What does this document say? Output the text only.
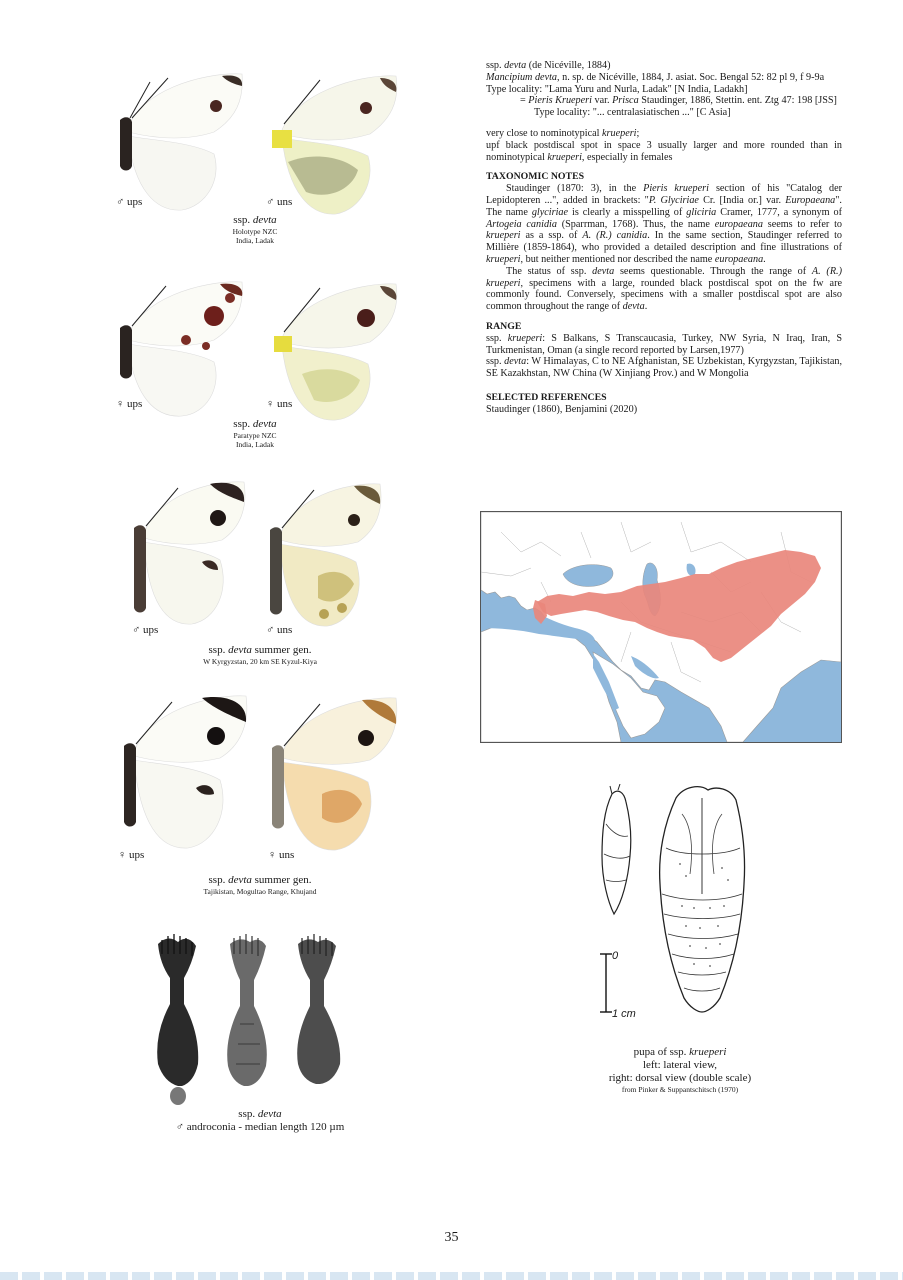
♂ ups	♂ uns
ssp. devta
Holotype NZC
India, Ladak
♀ ups	♀ uns
ssp. devta
Paratype NZC
India, Ladak
♂ ups	♂ uns
ssp. devta summer gen.
W Kyrgyzstan, 20 km SE Kyzul-Kiya
♀ ups	♀ uns
ssp. devta summer gen.
Tajikistan, Mogultao Range, Khujand
ssp. devta
♂ androconia - median length 120 µm

ssp. devta (de Nicéville, 1884)

Mancipium devta, n. sp. de Nicéville, 1884, J. asiat. Soc. Bengal 52: 82 pl 9, f 9-9a

Type locality: "Lama Yuru and Nurla, Ladak" [N India, Ladakh]

= Pieris Krueperi var. Prisca Staudinger, 1886, Stettin. ent. Ztg 47: 198 [JSS]

Type locality: "... centralasiatischen ..." [C Asia]

very close to nominotypical krueperi;

upf black postdiscal spot in space 3 usually larger and more rounded than in nominotypical krueperi, especially in females

TAXONOMIC NOTES

Staudinger (1870: 3), in the Pieris krueperi section of his "Catalog der Lepidopteren ...", added in brackets: "P. Glyciriae Cr. [India or.] var. Europaeana". The name glyciriae is clearly a misspelling of gliciria Cramer, 1777, a synonym of Artogeia canidia (Sparrman, 1768). Thus, the name europaeana seems to refer to krueperi as a ssp. of A. (R.) canidia. In the same section, Staudinger referred to Millière (1859-1864), who provided a detailed description and fine illustrations of krueperi, but neither mentioned nor described the name europaeana.

The status of ssp. devta seems questionable. Through the range of A. (R.) krueperi, specimens with a large, rounded black postdiscal spot on the fw are commonly found. Conversely, specimens with a smaller postdiscal spot are also common throughout the range of devta.

RANGE

ssp. krueperi: S Balkans, S Transcaucasia, Turkey, NW Syria, N Iraq, Iran, S Turkmenistan, Oman (a single record reported by Larsen,1977)

ssp. devta: W Himalayas, C to NE Afghanistan, SE Uzbekistan, Kyrgyzstan, Tajikistan, SE Kazakhstan, NW China (W Xinjiang Prov.) and W Mongolia

SELECTED REFERENCES

Staudinger (1860), Benjamini (2020)

0
1 cm
pupa of ssp. krueperi
left: lateral view,
right: dorsal view (double scale)
from Pinker & Suppantschitsch (1970)
35
